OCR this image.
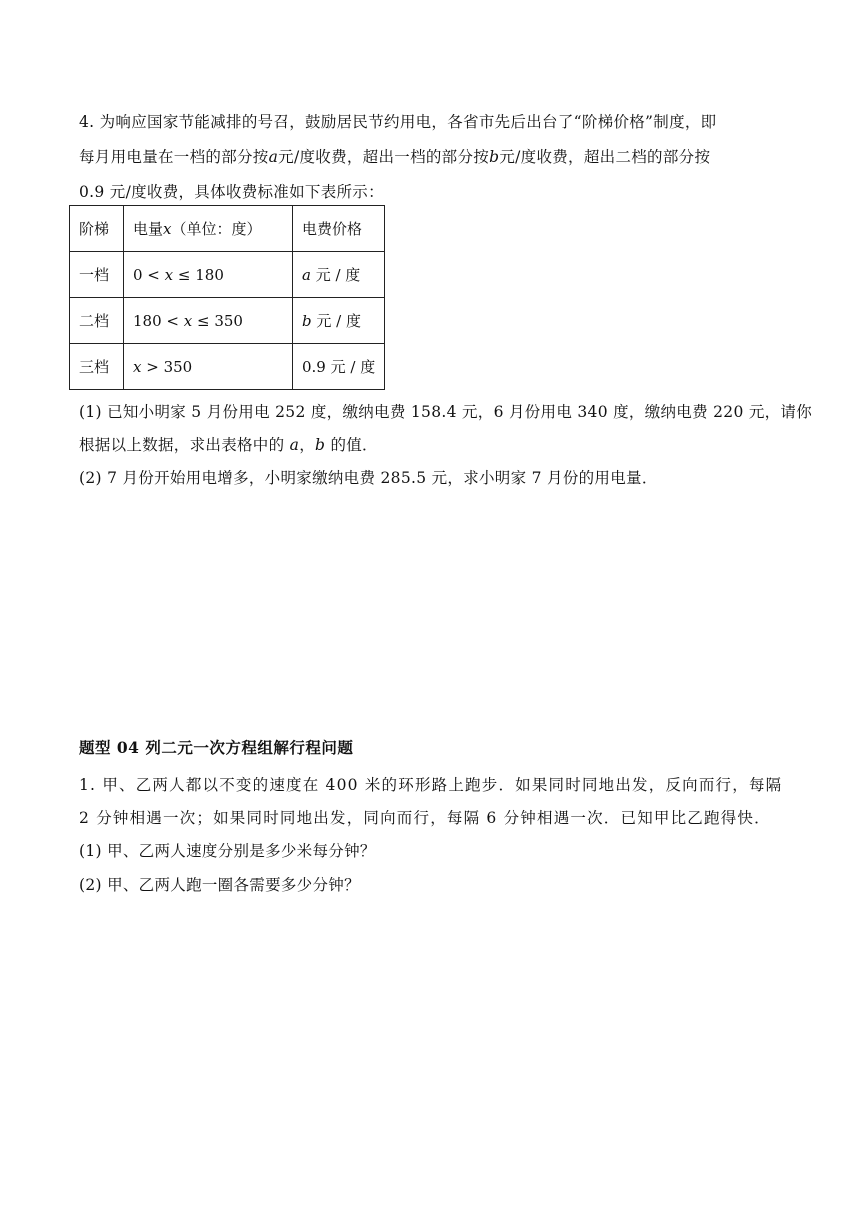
4. 为响应国家节能减排的号召，鼓励居民节约用电，各省市先后出台了“阶梯价格”制度，即
每月用电量在一档的部分按a元/度收费，超出一档的部分按b元/度收费，超出二档的部分按
0.9 元/度收费，具体收费标准如下表所示：
阶梯	电量x（单位：度）	电费价格
一档	0 < x ≤ 180	a 元 / 度
二档	180 < x ≤ 350	b 元 / 度
三档	x > 350	0.9 元 / 度
(1) 已知小明家 5 月份用电 252 度，缴纳电费 158.4 元，6 月份用电 340 度，缴纳电费 220 元，请你
根据以上数据，求出表格中的 a，b 的值．
(2) 7 月份开始用电增多，小明家缴纳电费 285.5 元，求小明家 7 月份的用电量．
题型 04 列二元一次方程组解行程问题
1. 甲、乙两人都以不变的速度在 400 米的环形路上跑步．如果同时同地出发，反向而行，每隔
2 分钟相遇一次；如果同时同地出发，同向而行，每隔 6 分钟相遇一次．已知甲比乙跑得快．
(1) 甲、乙两人速度分别是多少米每分钟？
(2) 甲、乙两人跑一圈各需要多少分钟？
